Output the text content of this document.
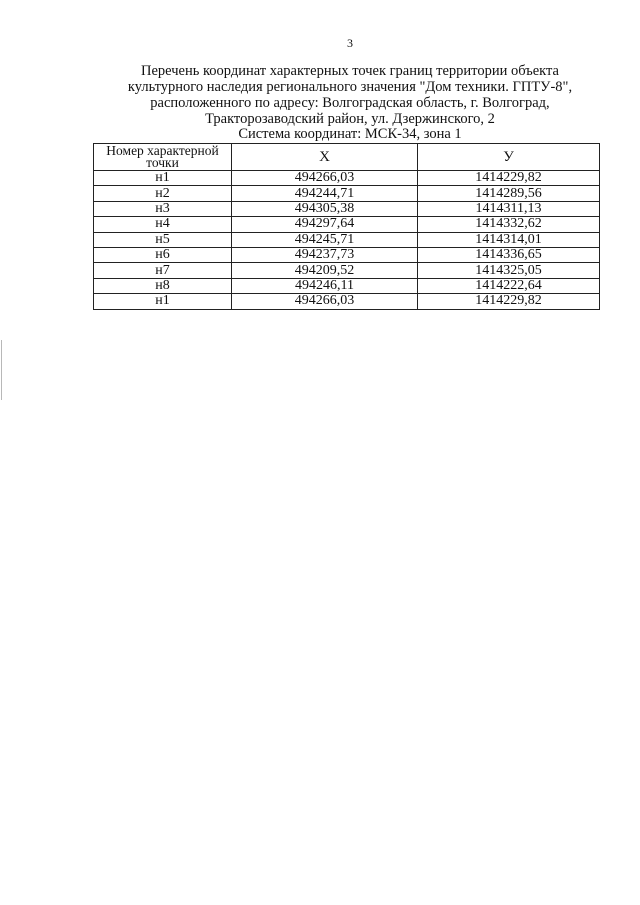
3
Перечень координат характерных точек границ территории объекта
культурного наследия регионального значения "Дом техники. ГПТУ-8",
расположенного по адресу: Волгоградская область, г. Волгоград,
Тракторозаводский район, ул. Дзержинского, 2
Система координат: МСК-34, зона 1
Номер характерной точки	X	У
н1	494266,03	1414229,82
н2	494244,71	1414289,56
н3	494305,38	1414311,13
н4	494297,64	1414332,62
н5	494245,71	1414314,01
н6	494237,73	1414336,65
н7	494209,52	1414325,05
н8	494246,11	1414222,64
н1	494266,03	1414229,82
